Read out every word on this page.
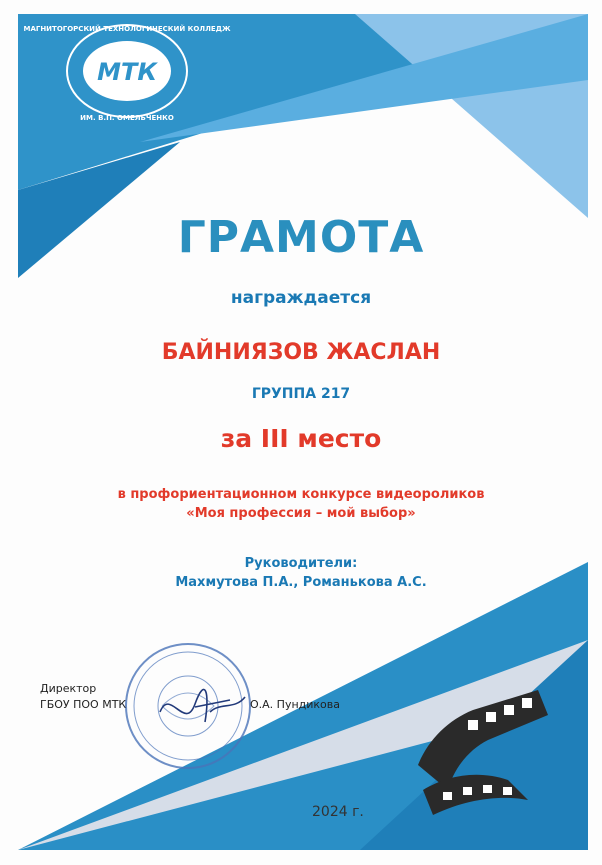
МТК
МАГНИТОГОРСКИЙ ТЕХНОЛОГИЧЕСКИЙ КОЛЛЕДЖ
ИМ. В.П. ОМЕЛЬЧЕНКО
ГРАМОТА
награждается
БАЙНИЯЗОВ ЖАСЛАН
ГРУППА 217
за III место
в профориентационном конкурсе видеороликов
«Моя профессия – мой выбор»
Руководители:
Махмутова П.А., Романькова А.С.
Директор
ГБОУ ПОО МТК	О.А. Пундикова
2024 г.
